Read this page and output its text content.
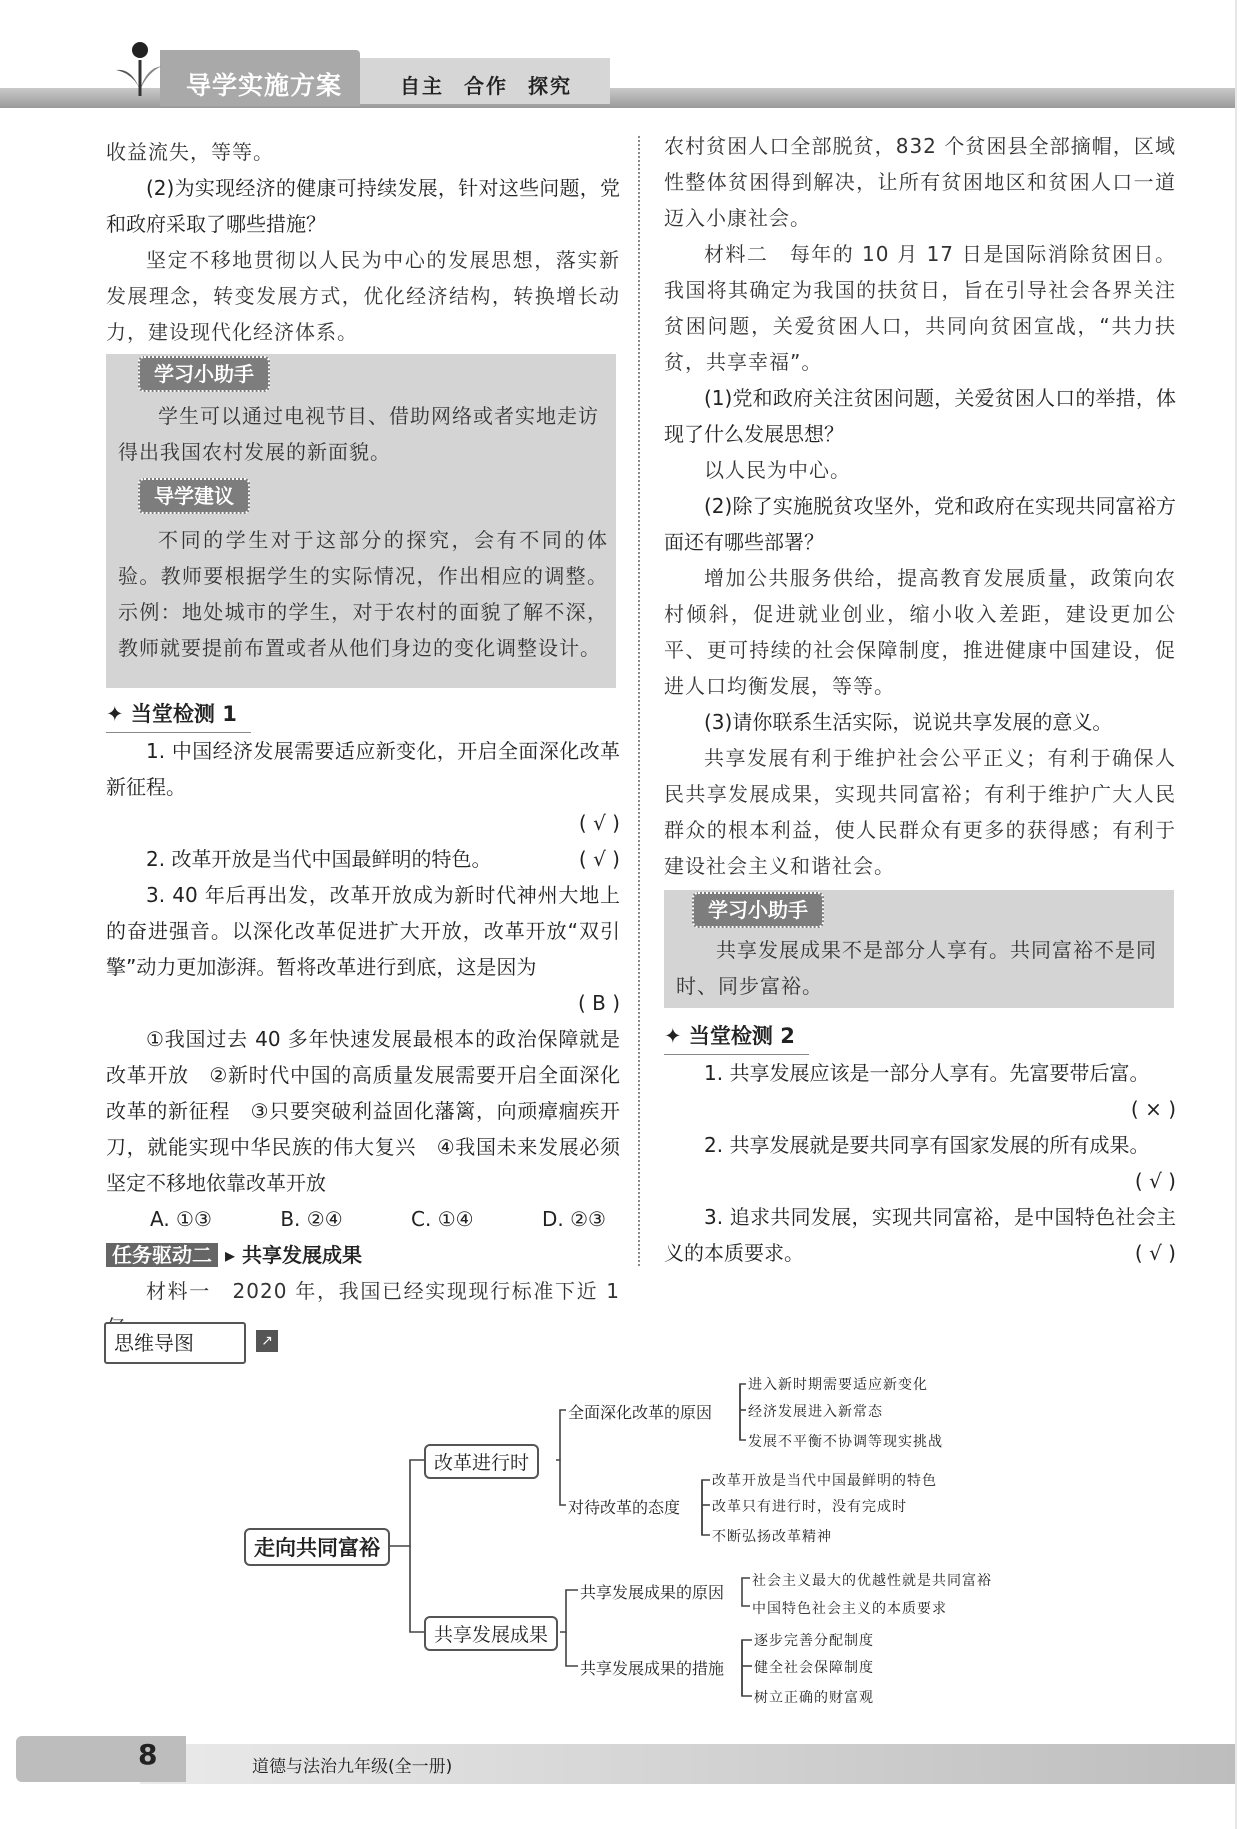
导学实施方案	自主 合作 探究

收益流失，等等。

(2)为实现经济的健康可持续发展，针对这些问题，党和政府采取了哪些措施？

坚定不移地贯彻以人民为中心的发展思想，落实新发展理念，转变发展方式，优化经济结构，转换增长动力，建设现代化经济体系。

学习小助手

学生可以通过电视节目、借助网络或者实地走访得出我国农村发展的新面貌。

导学建议

不同的学生对于这部分的探究，会有不同的体验。教师要根据学生的实际情况，作出相应的调整。示例：地处城市的学生，对于农村的面貌了解不深，教师就要提前布置或者从他们身边的变化调整设计。

✦ 当堂检测 1

1. 中国经济发展需要适应新变化，开启全面深化改革新征程。

( √ )

2. 改革开放是当代中国最鲜明的特色。	( √ )

3. 40 年后再出发，改革开放成为新时代神州大地上的奋进强音。以深化改革促进扩大开放，改革开放“双引擎”动力更加澎湃。暂将改革进行到底，这是因为

( B )

①我国过去 40 多年快速发展最根本的政治保障就是改革开放　②新时代中国的高质量发展需要开启全面深化改革的新征程　③只要突破利益固化藩篱，向顽瘴痼疾开刀，就能实现中华民族的伟大复兴　④我国未来发展必须坚定不移地依靠改革开放

A. ①③	B. ②④	C. ①④	D. ②③

任务驱动二 ▸ 共享发展成果

材料一　2020 年，我国已经实现现行标准下近 1

农村贫困人口全部脱贫，832 个贫困县全部摘帽，区域性整体贫困得到解决，让所有贫困地区和贫困人口一道迈入小康社会。

材料二　每年的 10 月 17 日是国际消除贫困日。我国将其确定为我国的扶贫日，旨在引导社会各界关注贫困问题，关爱贫困人口，共同向贫困宣战，“共力扶贫，共享幸福”。

(1)党和政府关注贫困问题，关爱贫困人口的举措，体现了什么发展思想？

以人民为中心。

(2)除了实施脱贫攻坚外，党和政府在实现共同富裕方面还有哪些部署？

增加公共服务供给，提高教育发展质量，政策向农村倾斜，促进就业创业，缩小收入差距，建设更加公平、更可持续的社会保障制度，推进健康中国建设，促进人口均衡发展，等等。

(3)请你联系生活实际，说说共享发展的意义。

共享发展有利于维护社会公平正义；有利于确保人民共享发展成果，实现共同富裕；有利于维护广大人民群众的根本利益，使人民群众有更多的获得感；有利于建设社会主义和谐社会。

学习小助手

共享发展成果不是部分人享有。共同富裕不是同时、同步富裕。

✦ 当堂检测 2

1. 共享发展应该是一部分人享有。先富要带后富。

( × )

2. 共享发展就是要共同享有国家发展的所有成果。

( √ )

3. 追求共同发展，实现共同富裕，是中国特色社会主义的本质要求。	( √ )

思维导图	↗
走向共同富裕
改革进行时
共享发展成果
全面深化改革的原因
对待改革的态度
共享发展成果的原因
共享发展成果的措施
进入新时期需要适应新变化
经济发展进入新常态
发展不平衡不协调等现实挑战
改革开放是当代中国最鲜明的特色
改革只有进行时，没有完成时
不断弘扬改革精神
社会主义最大的优越性就是共同富裕
中国特色社会主义的本质要求
逐步完善分配制度
健全社会保障制度
树立正确的财富观
8	道德与法治九年级(全一册)
